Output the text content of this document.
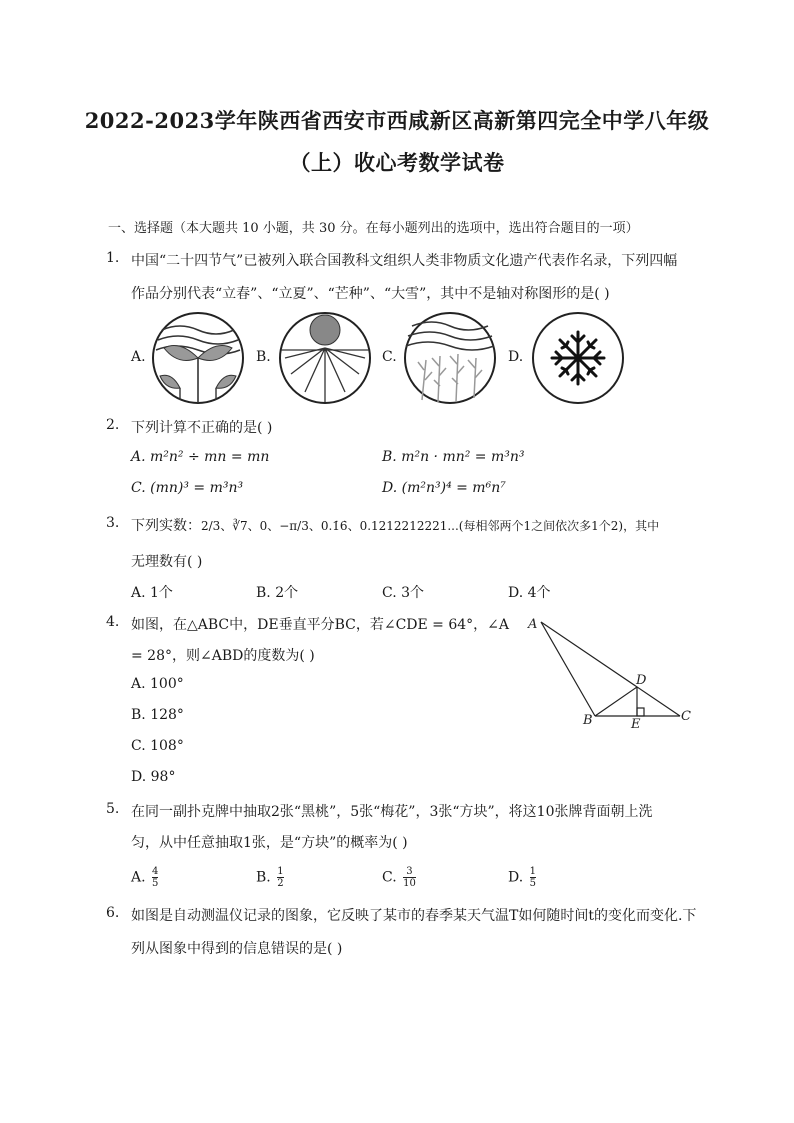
2022-2023学年陕西省西安市西咸新区高新第四完全中学八年级
（上）收心考数学试卷
一、选择题（本大题共 10 小题，共 30 分。在每小题列出的选项中，选出符合题目的一项）
1. 中国“二十四节气”已被列入联合国教科文组织人类非物质文化遗产代表作名录，下列四幅
作品分别代表“立春”、“立夏”、“芒种”、“大雪”，其中不是轴对称图形的是( )
A.	B.	C.	D.
2. 下列计算不正确的是( )
A. m²n² ÷ mn = mn	B. m²n · mn² = m³n³
C. (mn)³ = m³n³	D. (m²n³)⁴ = m⁶n⁷
3. 下列实数：2/3、∛7、0、−π/3、0.1̇6̇、0.1212212221...(每相邻两个1之间依次多1个2)，其中
无理数有( )
A. 1个	B. 2个	C. 3个	D. 4个
4. 如图，在△ABC中，DE垂直平分BC，若∠CDE = 64°，∠A
= 28°，则∠ABD的度数为( )
A. 100°
B. 128°
C. 108°
D. 98°
A
B	C
D
E
5. 在同一副扑克牌中抽取2张“黑桃”，5张“梅花”，3张“方块”，将这10张牌背面朝上洗
匀，从中任意抽取1张，是“方块”的概率为( )
A. $\frac{4}{5}$	B. $\frac{1}{2}$	C. $\frac{3}{10}$	D. $\frac{1}{5}$
6. 如图是自动测温仪记录的图象，它反映了某市的春季某天气温T如何随时间t的变化而变化.下
列从图象中得到的信息错误的是( )
